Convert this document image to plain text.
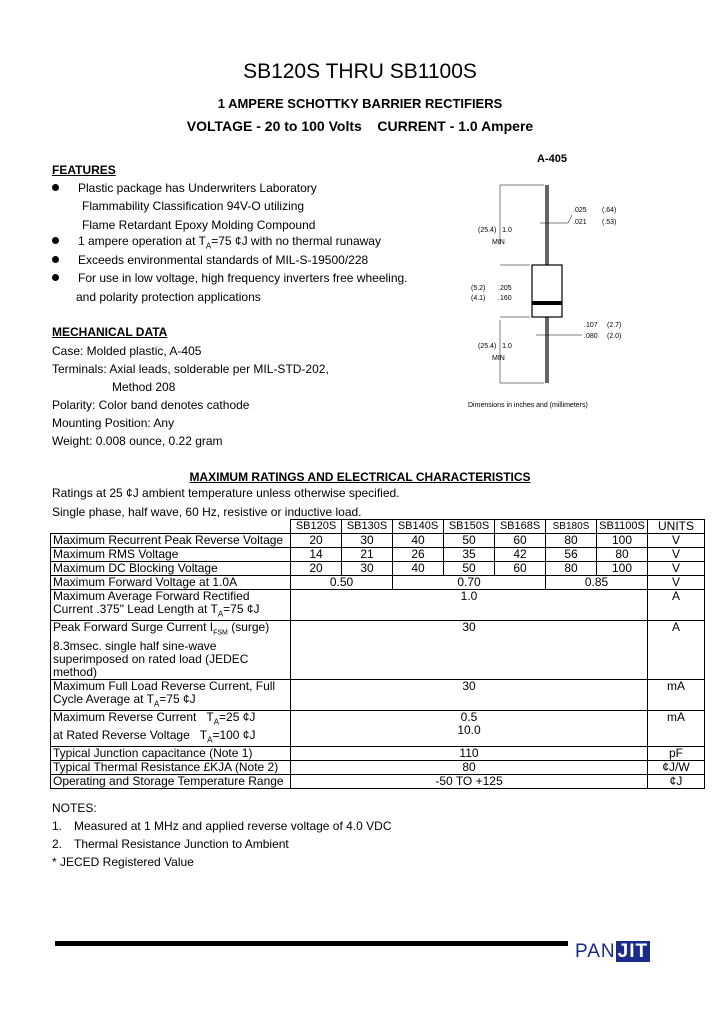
SB120S THRU SB1100S
1 AMPERE SCHOTTKY BARRIER RECTIFIERS
VOLTAGE - 20 to 100 Volts    CURRENT - 1.0 Ampere
FEATURES
Plastic package has Underwriters Laboratory
Flammability Classification 94V-O utilizing
Flame Retardant Epoxy Molding Compound
1 ampere operation at $T_A=75$ ¢J with no thermal runaway
Exceeds environmental standards of MIL-S-19500/228
For use in low voltage, high frequency inverters free wheeling.
and polarity protection applications
MECHANICAL DATA
Case: Molded plastic, A-405
Terminals: Axial leads, solderable per MIL-STD-202,
Method 208
Polarity: Color band denotes cathode
Mounting Position: Any
Weight: 0.008 ounce, 0.22 gram
A-405
.025
.021
(.64)
(.53)
(25.4)   1.0
MIN
(5.2)
(4.1)
.205
.160
.107
.080
(2.7)
(2.0)
(25.4)   1.0
MIN
Dimensions in inches and (millimeters)
MAXIMUM RATINGS AND ELECTRICAL CHARACTERISTICS
Ratings at 25 ¢J ambient temperature unless otherwise specified.
Single phase, half wave, 60 Hz, resistive or inductive load.
	SB120S	SB130S	SB140S	SB150S	SB168S	SB180S	SB1100S	UNITS
Maximum Recurrent Peak Reverse Voltage	20	30	40	50	60	80	100	V
Maximum RMS Voltage	14	21	26	35	42	56	80	V
Maximum DC Blocking Voltage	20	30	40	50	60	80	100	V
Maximum Forward Voltage at 1.0A	0.50		0.70			0.85		V
Maximum Average Forward Rectified
Current .375" Lead Length at $T_A=75$ ¢J	1.0							A
Peak Forward Surge Current $I_{FSM}$ (surge)
8.3msec. single half sine-wave
superimposed on rated load (JEDEC
method)	30							A
Maximum Full Load Reverse Current, Full
Cycle Average at $T_A=75$ ¢J	30							mA
Maximum Reverse Current   $T_A=25$ ¢J
at Rated Reverse Voltage   $T_A=100$ ¢J	0.5
10.0							mA
Typical Junction capacitance (Note 1)	110							pF
Typical Thermal Resistance £KJA (Note 2)	80							¢J/W
Operating and Storage Temperature Range	-50 TO +125							¢J
NOTES:
1. Measured at 1 MHz and applied reverse voltage of 4.0 VDC
2. Thermal Resistance Junction to Ambient
* JECED Registered Value
PAN JIT
